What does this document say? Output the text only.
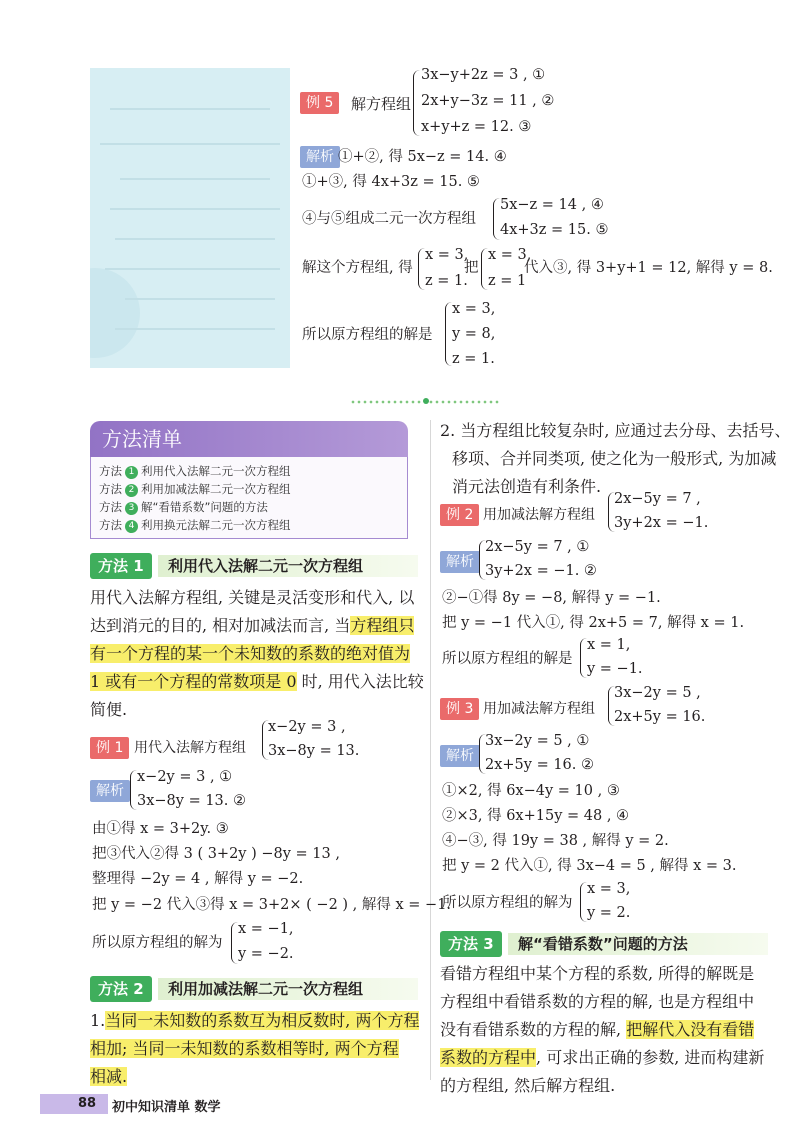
例 5	解方程组
3x−y+2z = 3 , ①
2x+y−3z = 11 , ②
x+y+z = 12. ③
解析 ①+②, 得 5x−z = 14. ④
①+③, 得 4x+3z = 15. ⑤
④与⑤组成二元一次方程组
5x−z = 14 , ④
4x+3z = 15. ⑤
解这个方程组, 得
x = 3,
z = 1.
把
x = 3,
z = 1
代入③, 得 3+y+1 = 12, 解得 y = 8.
所以原方程组的解是
x = 3,
y = 8,
z = 1.
方法清单
方法 1 利用代入法解二元一次方程组
方法 2 利用加减法解二元一次方程组
方法 3 解“看错系数”问题的方法
方法 4 利用换元法解二元一次方程组
利用代入法解二元一次方程组
方法 1
用代入法解方程组, 关键是灵活变形和代入, 以
达到消元的目的, 相对加减法而言, 当方程组只
有一个方程的某一个未知数的系数的绝对值为
1 或有一个方程的常数项是 0 时, 用代入法比较
简便.
例 1 用代入法解方程组
x−2y = 3 ,
3x−8y = 13.
解析
x−2y = 3 , ①
3x−8y = 13. ②
由①得 x = 3+2y. ③
把③代入②得 3 ( 3+2y ) −8y = 13 ,
整理得 −2y = 4 , 解得 y = −2.
把 y = −2 代入③得 x = 3+2× ( −2 ) , 解得 x = −1.
所以原方程组的解为
x = −1,
y = −2.
利用加减法解二元一次方程组
方法 2
1.当同一未知数的系数互为相反数时, 两个方程
相加; 当同一未知数的系数相等时, 两个方程
相减.
2. 当方程组比较复杂时, 应通过去分母、去括号、
移项、合并同类项, 使之化为一般形式, 为加减
消元法创造有利条件.
例 2 用加减法解方程组
2x−5y = 7 ,
3y+2x = −1.
解析
2x−5y = 7 , ①
3y+2x = −1. ②
②−①得 8y = −8, 解得 y = −1.
把 y = −1 代入①, 得 2x+5 = 7, 解得 x = 1.
所以原方程组的解是
x = 1,
y = −1.
例 3 用加减法解方程组
3x−2y = 5 ,
2x+5y = 16.
解析
3x−2y = 5 , ①
2x+5y = 16. ②
①×2, 得 6x−4y = 10 , ③
②×3, 得 6x+15y = 48 , ④
④−③, 得 19y = 38 , 解得 y = 2.
把 y = 2 代入①, 得 3x−4 = 5 , 解得 x = 3.
所以原方程组的解为
x = 3,
y = 2.
解“看错系数”问题的方法
方法 3
看错方程组中某个方程的系数, 所得的解既是
方程组中看错系数的方程的解, 也是方程组中
没有看错系数的方程的解, 把解代入没有看错
系数的方程中, 可求出正确的参数, 进而构建新
的方程组, 然后解方程组.
88 初中知识清单 数学
